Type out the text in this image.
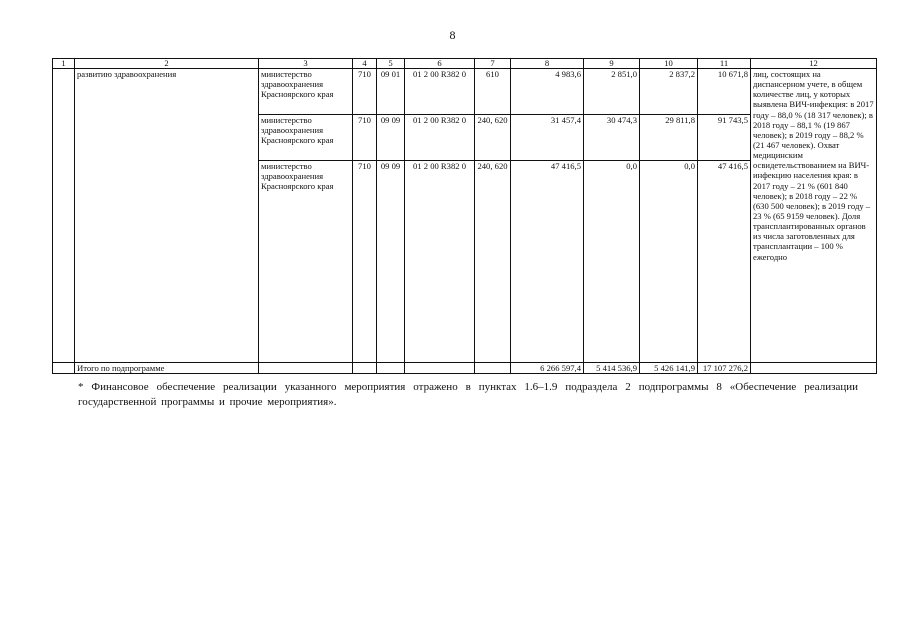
8
1	2	3	4	5	6	7	8	9	10	11	12
	развитию здравоохранения	министерство здравоохранения Красноярского края	710	09 01	01 2 00 R382 0	610	4 983,6	2 851,0	2 837,2	10 671,8	лиц, состоящих на диспансерном учете, в общем количестве лиц, у которых выявлена ВИЧ-инфекция: в 2017 году – 88,0 % (18 317 человек); в 2018 году – 88,1 % (19 867 человек); в 2019 году – 88,2 % (21 467 человек). Охват медицинским освидетельствованием на ВИЧ-инфекцию населения края: в 2017 году – 21 % (601 840 человек); в 2018 году – 22 % (630 500 человек); в 2019 году – 23 % (65 9159 человек). Доля трансплантированных органов из числа заготовленных для трансплантации – 100 % ежегодно
		министерство здравоохранения Красноярского края	710	09 09	01 2 00 R382 0	240, 620	31 457,4	30 474,3	29 811,8	91 743,5	
		министерство здравоохранения Красноярского края	710	09 09	01 2 00 R382 0	240, 620	47 416,5	0,0	0,0	47 416,5	
	Итого по подпрограмме						6 266 597,4	5 414 536,9	5 426 141,9	17 107 276,2	
* Финансовое обеспечение реализации указанного мероприятия отражено в пунктах 1.6–1.9 подраздела 2 подпрограммы 8 «Обеспечение реализации государственной программы и прочие мероприятия».
